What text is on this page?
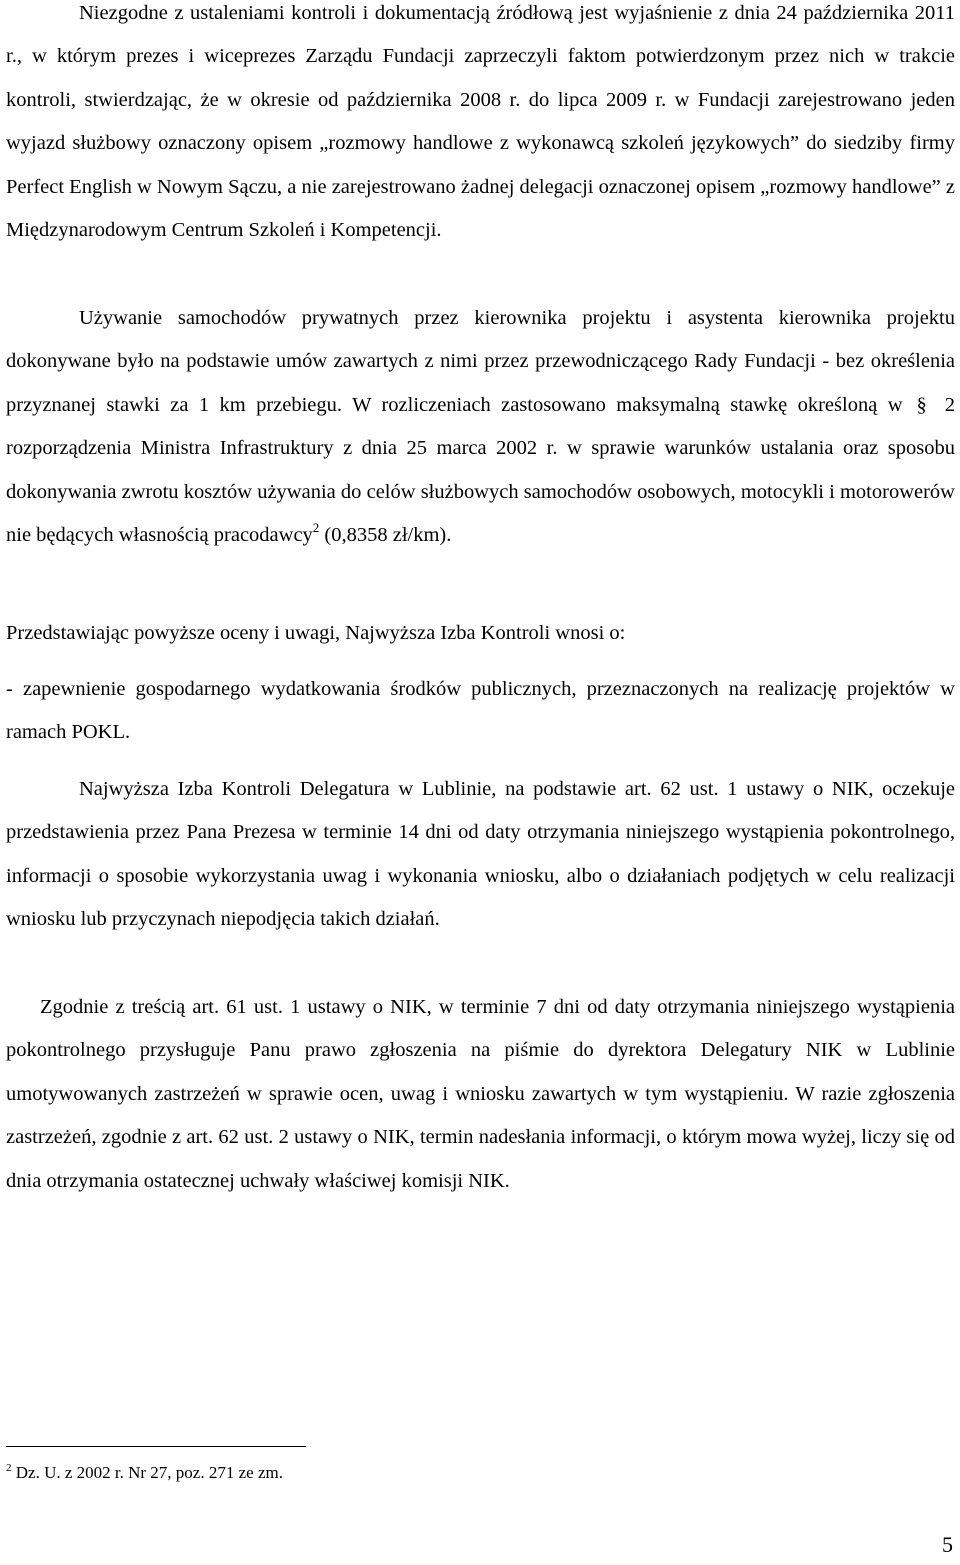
Niezgodne z ustaleniami kontroli i dokumentacją źródłową jest wyjaśnienie z dnia 24 października 2011 r., w którym prezes i wiceprezes Zarządu Fundacji zaprzeczyli faktom potwierdzonym przez nich w trakcie kontroli, stwierdzając, że w okresie od października 2008 r. do lipca 2009 r. w Fundacji zarejestrowano jeden wyjazd służbowy oznaczony opisem „rozmowy handlowe z wykonawcą szkoleń językowych” do siedziby firmy Perfect English w Nowym Sączu, a nie zarejestrowano żadnej delegacji oznaczonej opisem „rozmowy handlowe” z Międzynarodowym Centrum Szkoleń i Kompetencji.

Używanie samochodów prywatnych przez kierownika projektu i asystenta kierownika projektu dokonywane było na podstawie umów zawartych z nimi przez przewodniczącego Rady Fundacji - bez określenia przyznanej stawki za 1 km przebiegu. W rozliczeniach zastosowano maksymalną stawkę określoną w § 2 rozporządzenia Ministra Infrastruktury z dnia 25 marca 2002 r. w sprawie warunków ustalania oraz sposobu dokonywania zwrotu kosztów używania do celów służbowych samochodów osobowych, motocykli i motorowerów nie będących własnością pracodawcy$^2$ (0,8358 zł/km).

Przedstawiając powyższe oceny i uwagi, Najwyższa Izba Kontroli wnosi o:

- zapewnienie gospodarnego wydatkowania środków publicznych, przeznaczonych na realizację projektów w ramach POKL.

Najwyższa Izba Kontroli Delegatura w Lublinie, na podstawie art. 62 ust. 1 ustawy o NIK, oczekuje przedstawienia przez Pana Prezesa w terminie 14 dni od daty otrzymania niniejszego wystąpienia pokontrolnego, informacji o sposobie wykorzystania uwag i wykonania wniosku, albo o działaniach podjętych w celu realizacji wniosku lub przyczynach niepodjęcia takich działań.

Zgodnie z treścią art. 61 ust. 1 ustawy o NIK, w terminie 7 dni od daty otrzymania niniejszego wystąpienia pokontrolnego przysługuje Panu prawo zgłoszenia na piśmie do dyrektora Delegatury NIK w Lublinie umotywowanych zastrzeżeń w sprawie ocen, uwag i wniosku zawartych w tym wystąpieniu. W razie zgłoszenia zastrzeżeń, zgodnie z art. 62 ust. 2 ustawy o NIK, termin nadesłania informacji, o którym mowa wyżej, liczy się od dnia otrzymania ostatecznej uchwały właściwej komisji NIK.

$^2$ Dz. U. z 2002 r. Nr 27, poz. 271 ze zm.

5
